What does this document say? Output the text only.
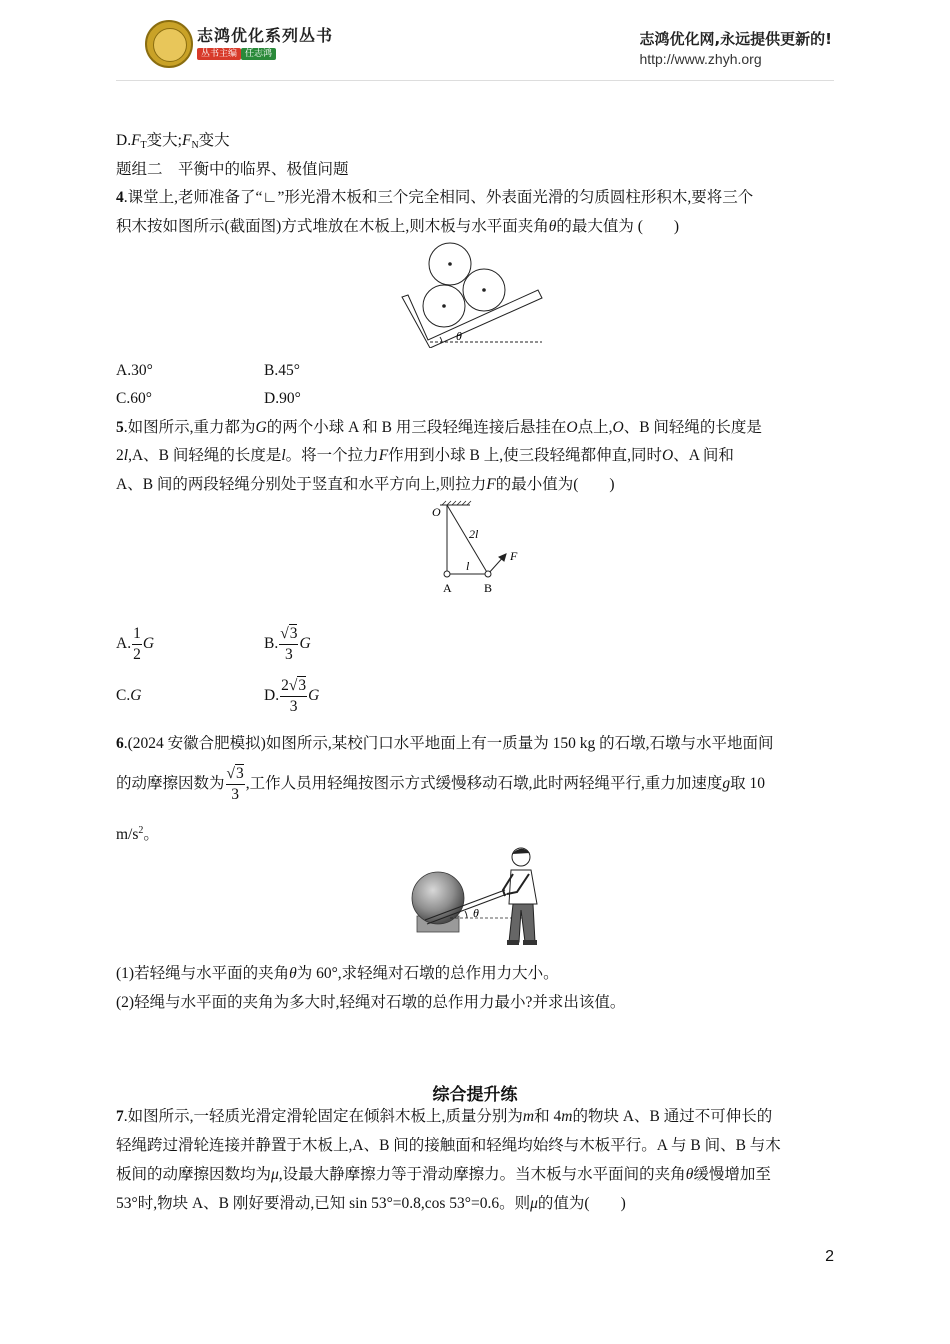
志鸿优化系列丛书
丛书主编 任志鸿
志鸿优化网,永远提供更新的!
http://www.zhyh.org
$D.F_T$变大$;F_N$变大
题组二　平衡中的临界、极值问题
4.课堂上,老师准备了“∟”形光滑木板和三个完全相同、外表面光滑的匀质圆柱形积木,要将三个
积木按如图所示(截面图)方式堆放在木板上,则木板与水平面夹角θ的最大值为 (　　)
θ
A.30°	B.45°
C.60°	D.90°
5.如图所示,重力都为G的两个小球 A 和 B 用三段轻绳连接后悬挂在O点上,O、B 间轻绳的长度是
2l,A、B 间轻绳的长度是l。将一个拉力F作用到小球 B 上,使三段轻绳都伸直,同时O、A 间和
A、B 间的两段轻绳分别处于竖直和水平方向上,则拉力F的最小值为(　　)
O
2l
l
F
A	B
A. $\frac{1}{2}$ G	B. $\frac{√3}{3}$ G
C.G	D. $\frac{2√3}{3}$ G
6.(2024 安徽合肥模拟)如图所示,某校门口水平地面上有一质量为 150 kg 的石墩,石墩与水平地面间
的动摩擦因数为 $\frac{√3}{3}$ ,工作人员用轻绳按图示方式缓慢移动石墩,此时两轻绳平行,重力加速度g取 10
$m/s^2$。
θ
(1)若轻绳与水平面的夹角θ为 60°,求轻绳对石墩的总作用力大小。
(2)轻绳与水平面的夹角为多大时,轻绳对石墩的总作用力最小?并求出该值。
综合提升练
7.如图所示,一轻质光滑定滑轮固定在倾斜木板上,质量分别为m和 4m的物块 A、B 通过不可伸长的
轻绳跨过滑轮连接并静置于木板上,A、B 间的接触面和轻绳均始终与木板平行。A 与 B 间、B 与木
板间的动摩擦因数均为μ,设最大静摩擦力等于滑动摩擦力。当木板与水平面间的夹角θ缓慢增加至
53°时,物块 A、B 刚好要滑动,已知 sin 53°=0.8,cos 53°=0.6。则μ的值为(　　)
2
